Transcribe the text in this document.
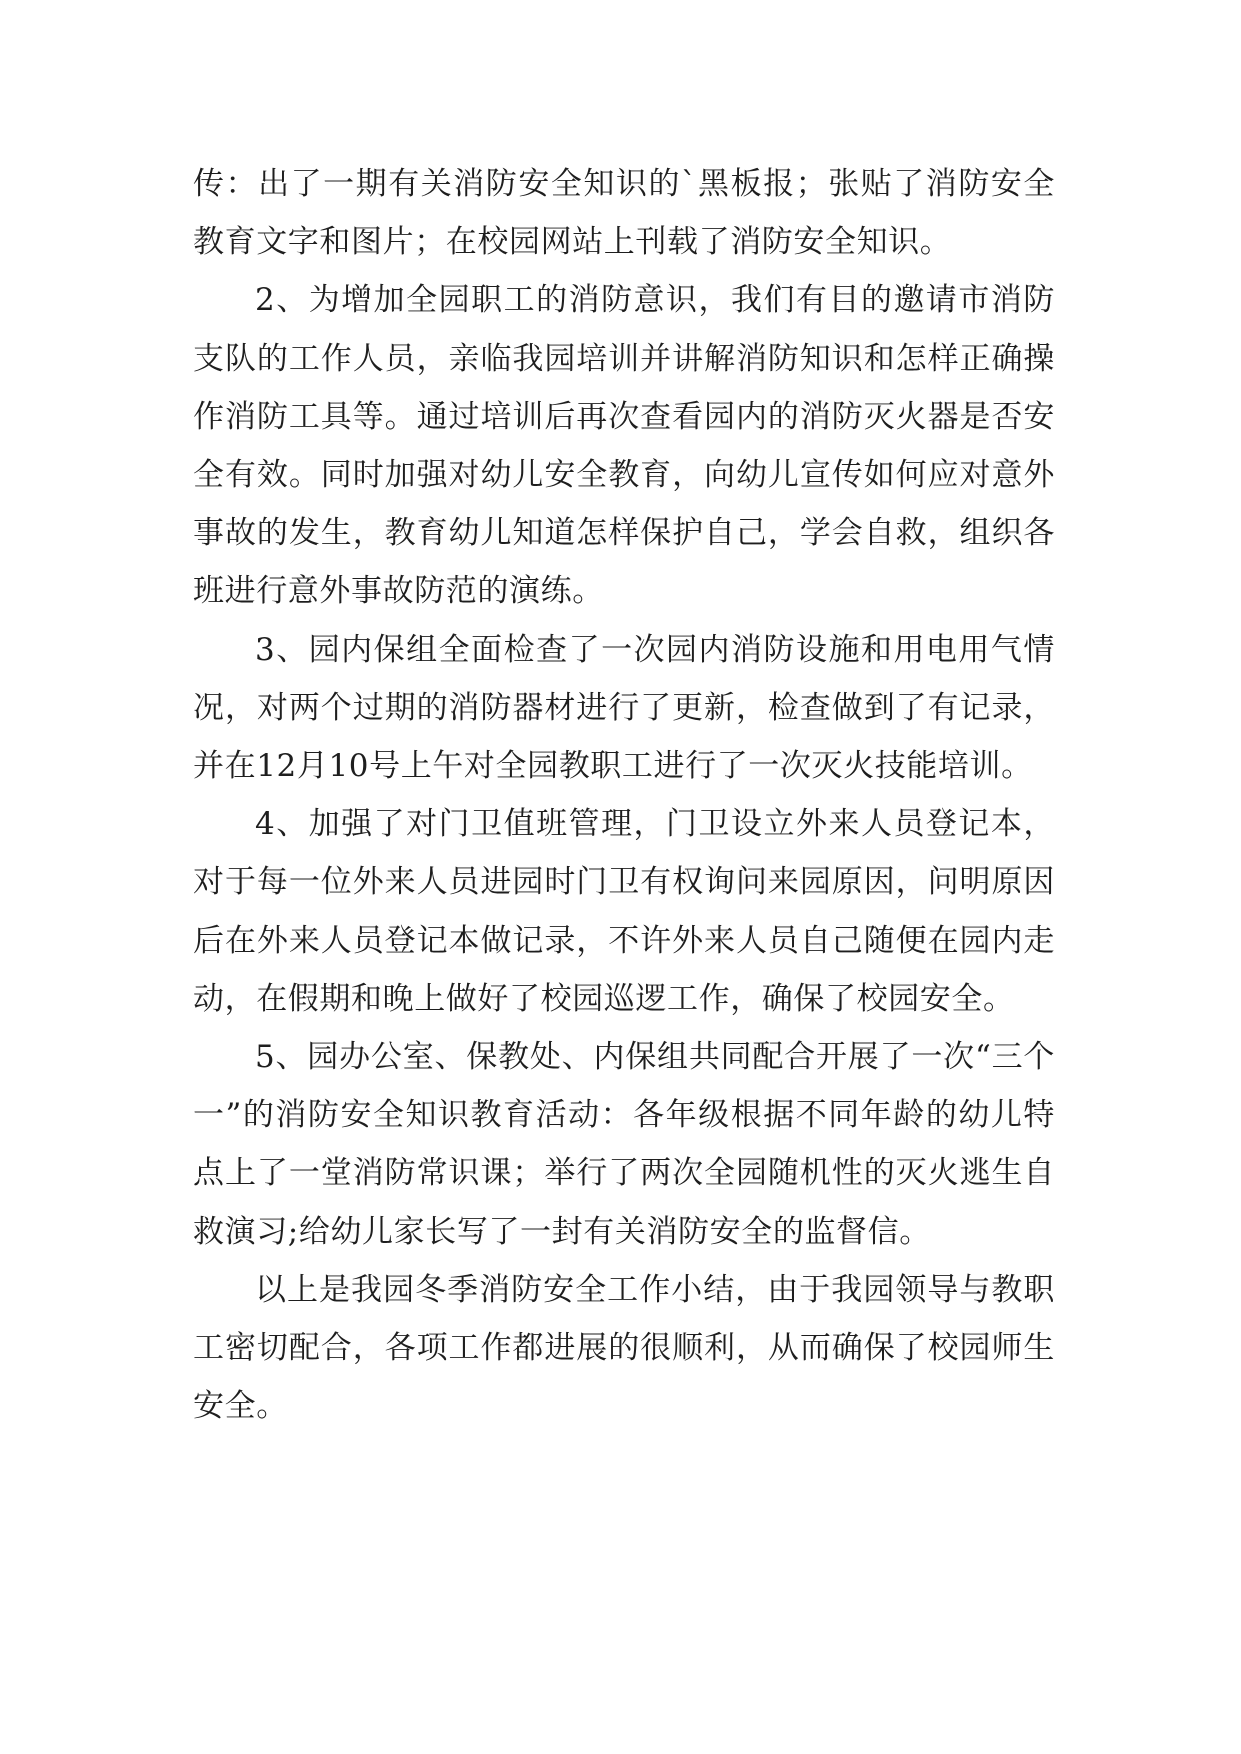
传：出了一期有关消防安全知识的`黑板报；张贴了消防安全教育文字和图片；在校园网站上刊载了消防安全知识。

2、为增加全园职工的消防意识，我们有目的邀请市消防支队的工作人员，亲临我园培训并讲解消防知识和怎样正确操作消防工具等。通过培训后再次查看园内的消防灭火器是否安全有效。同时加强对幼儿安全教育，向幼儿宣传如何应对意外事故的发生，教育幼儿知道怎样保护自己，学会自救，组织各班进行意外事故防范的演练。

3、园内保组全面检查了一次园内消防设施和用电用气情况，对两个过期的消防器材进行了更新，检查做到了有记录，并在12月10号上午对全园教职工进行了一次灭火技能培训。

4、加强了对门卫值班管理，门卫设立外来人员登记本，对于每一位外来人员进园时门卫有权询问来园原因，问明原因后在外来人员登记本做记录，不许外来人员自己随便在园内走动，在假期和晚上做好了校园巡逻工作，确保了校园安全。

5、园办公室、保教处、内保组共同配合开展了一次“三个一”的消防安全知识教育活动：各年级根据不同年龄的幼儿特点上了一堂消防常识课；举行了两次全园随机性的灭火逃生自救演习;给幼儿家长写了一封有关消防安全的监督信。

以上是我园冬季消防安全工作小结，由于我园领导与教职工密切配合，各项工作都进展的很顺利，从而确保了校园师生安全。
